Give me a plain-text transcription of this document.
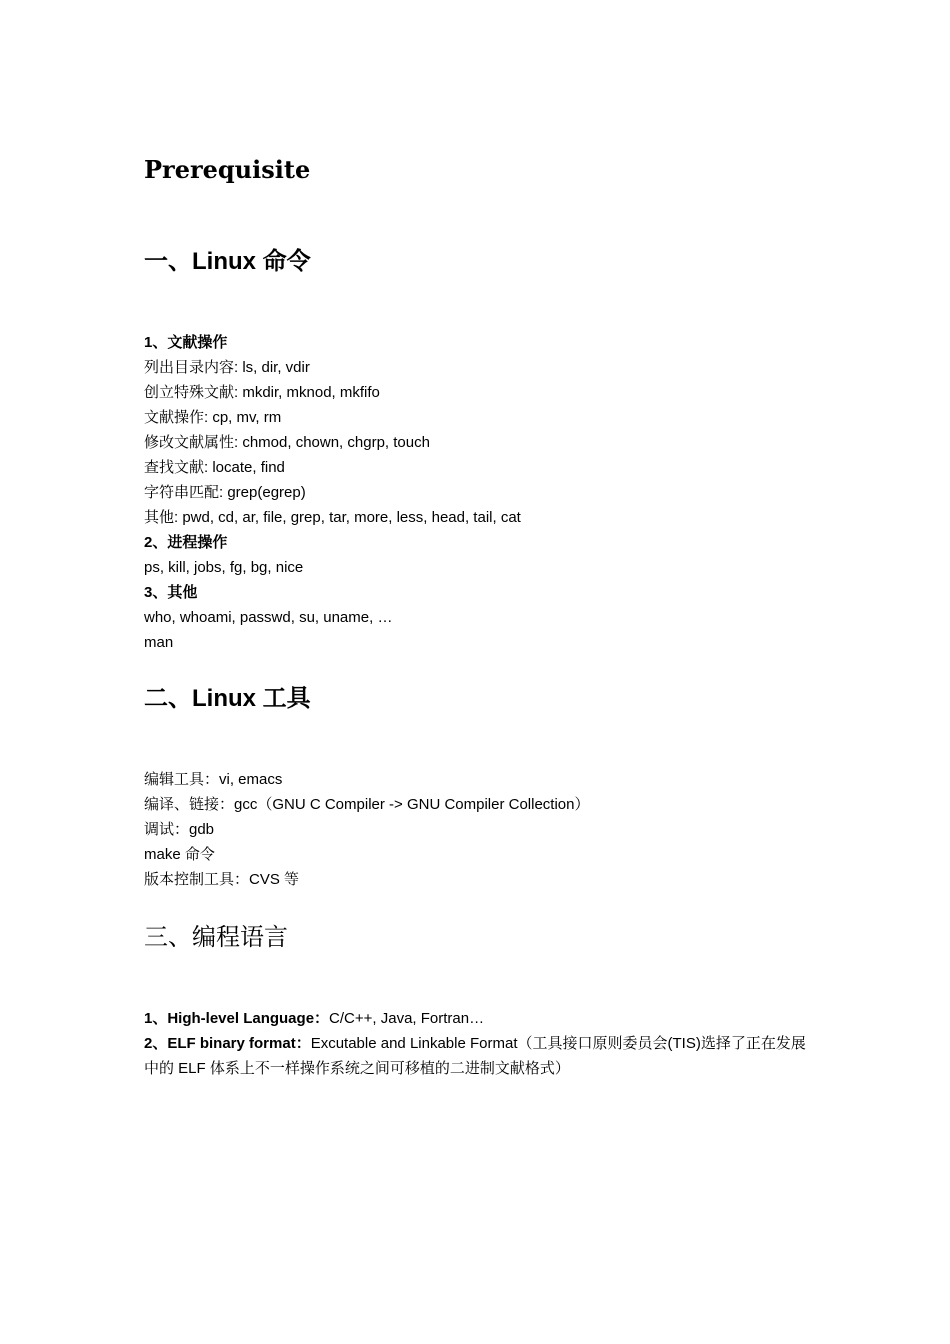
Prerequisite
一、Linux 命令
1、文献操作
列出目录内容: ls, dir, vdir
创立特殊文献: mkdir, mknod, mkfifo
文献操作: cp, mv, rm
修改文献属性: chmod, chown, chgrp, touch
查找文献: locate, find
字符串匹配: grep(egrep)
其他: pwd, cd, ar, file, grep, tar, more, less, head, tail, cat
2、进程操作
ps, kill, jobs, fg, bg, nice
3、其他
who, whoami, passwd, su, uname, …
man
二、Linux 工具
编辑工具：vi, emacs
编译、链接：gcc（GNU C Compiler -> GNU Compiler Collection）
调试：gdb
make 命令
版本控制工具：CVS 等
三、编程语言
1、High-level Language：C/C++, Java, Fortran…
2、ELF binary format：Excutable and Linkable Format（工具接口原则委员会(TIS)选择了正在发展中的 ELF 体系上不一样操作系统之间可移植的二进制文献格式）
